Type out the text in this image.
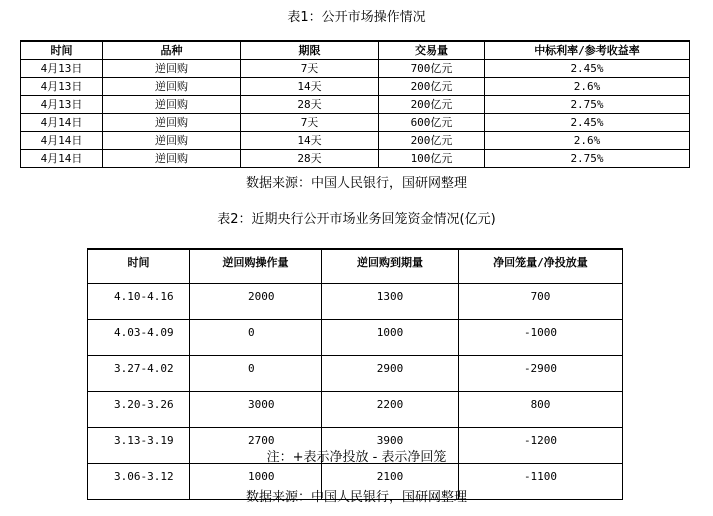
表1：公开市场操作情况
时间	品种	期限	交易量	中标利率/参考收益率
4月13日	逆回购	7天	700亿元	2.45%
4月13日	逆回购	14天	200亿元	2.6%
4月13日	逆回购	28天	200亿元	2.75%
4月14日	逆回购	7天	600亿元	2.45%
4月14日	逆回购	14天	200亿元	2.6%
4月14日	逆回购	28天	100亿元	2.75%
数据来源：中国人民银行，国研网整理
表2：近期央行公开市场业务回笼资金情况(亿元)
时间	逆回购操作量	逆回购到期量	净回笼量/净投放量
4.10-4.16	2000	1300	700
4.03-4.09	0	1000	-1000
3.27-4.02	0	2900	-2900
3.20-3.26	3000	2200	800
3.13-3.19	2700	3900	-1200
3.06-3.12	1000	2100	-1100
注：+表示净投放 - 表示净回笼
数据来源：中国人民银行，国研网整理
